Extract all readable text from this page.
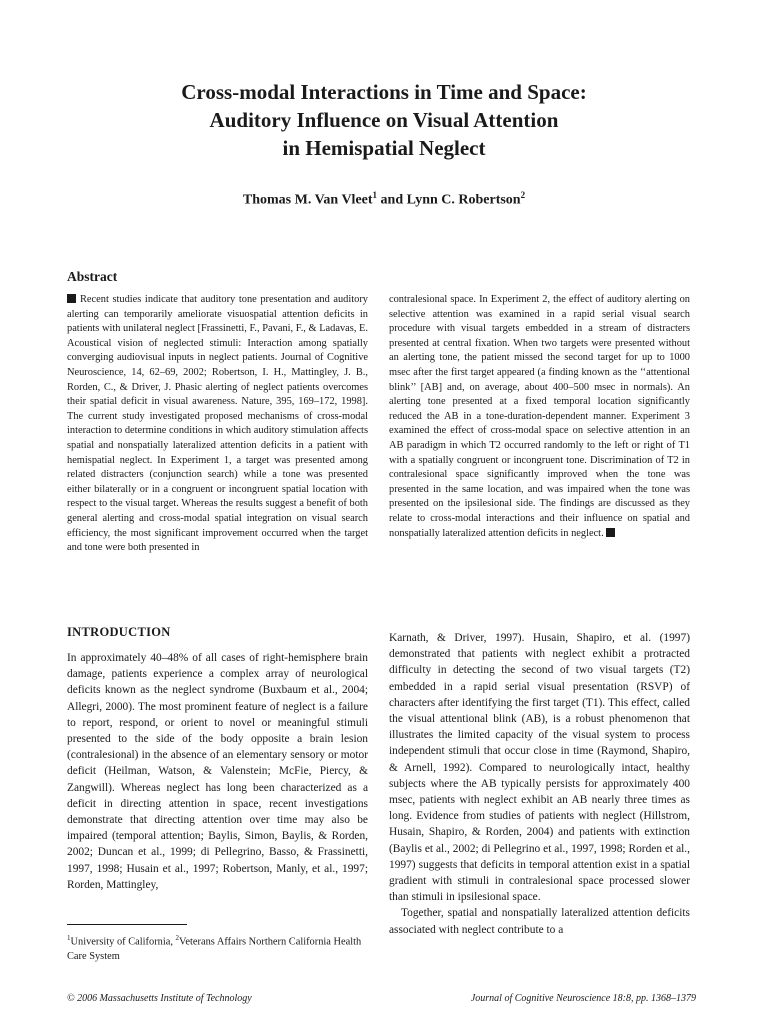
Cross-modal Interactions in Time and Space:
Auditory Influence on Visual Attention
in Hemispatial Neglect

Thomas M. Van Vleet$^1$ and Lynn C. Robertson$^2$

Abstract

Recent studies indicate that auditory tone presentation and auditory alerting can temporarily ameliorate visuospatial attention deficits in patients with unilateral neglect [Frassinetti, F., Pavani, F., & Ladavas, E. Acoustical vision of neglected stimuli: Interaction among spatially converging audiovisual inputs in neglect patients. Journal of Cognitive Neuroscience, 14, 62–69, 2002; Robertson, I. H., Mattingley, J. B., Rorden, C., & Driver, J. Phasic alerting of neglect patients overcomes their spatial deficit in visual awareness. Nature, 395, 169–172, 1998]. The current study investigated proposed mechanisms of cross-modal interaction to determine conditions in which auditory stimulation affects spatial and nonspatially lateralized attention deficits in a patient with hemispatial neglect. In Experiment 1, a target was presented among related distracters (conjunction search) while a tone was presented either bilaterally or in a congruent or incongruent spatial location with respect to the visual target. Whereas the results suggest a benefit of both general alerting and cross-modal spatial integration on visual search efficiency, the most significant improvement occurred when the target and tone were both presented in

contralesional space. In Experiment 2, the effect of auditory alerting on selective attention was examined in a rapid serial visual search procedure with visual targets embedded in a stream of distracters presented at central fixation. When two targets were presented without an alerting tone, the patient missed the second target for up to 1000 msec after the first target appeared (a finding known as the ‘‘attentional blink’’ [AB] and, on average, about 400–500 msec in normals). An alerting tone presented at a fixed temporal location significantly reduced the AB in a tone-duration-dependent manner. Experiment 3 examined the effect of cross-modal space on selective attention in an AB paradigm in which T2 occurred randomly to the left or right of T1 with a spatially congruent or incongruent tone. Discrimination of T2 in contralesional space significantly improved when the tone was presented in the same location, and was impaired when the tone was presented on the ipsilesional side. The findings are discussed as they relate to cross-modal interactions and their influence on spatial and nonspatially lateralized attention deficits in neglect.

INTRODUCTION

In approximately 40–48% of all cases of right-hemisphere brain damage, patients experience a complex array of neurological deficits known as the neglect syndrome (Buxbaum et al., 2004; Allegri, 2000). The most prominent feature of neglect is a failure to report, respond, or orient to novel or meaningful stimuli presented to the side of the body opposite a brain lesion (contralesional) in the absence of an elementary sensory or motor deficit (Heilman, Watson, & Valenstein; McFie, Piercy, & Zangwill). Whereas neglect has long been characterized as a deficit in directing attention in space, recent investigations demonstrate that directing attention over time may also be impaired (temporal attention; Baylis, Simon, Baylis, & Rorden, 2002; Duncan et al., 1999; di Pellegrino, Basso, & Frassinetti, 1997, 1998; Husain et al., 1997; Robertson, Manly, et al., 1997; Rorden, Mattingley,

Karnath, & Driver, 1997). Husain, Shapiro, et al. (1997) demonstrated that patients with neglect exhibit a protracted difficulty in detecting the second of two visual targets (T2) embedded in a rapid serial visual presentation (RSVP) of characters after identifying the first target (T1). This effect, called the visual attentional blink (AB), is a robust phenomenon that illustrates the limited capacity of the visual system to process independent stimuli that occur close in time (Raymond, Shapiro, & Arnell, 1992). Compared to neurologically intact, healthy subjects where the AB typically persists for approximately 400 msec, patients with neglect exhibit an AB nearly three times as long. Evidence from studies of patients with neglect (Hillstrom, Husain, Shapiro, & Rorden, 2004) and patients with extinction (Baylis et al., 2002; di Pellegrino et al., 1997, 1998; Rorden et al., 1997) suggests that deficits in temporal attention exist in a spatial gradient with stimuli in contralesional space processed slower than stimuli in ipsilesional space.

Together, spatial and nonspatially lateralized attention deficits associated with neglect contribute to a

$^1$University of California, $^2$Veterans Affairs Northern California Health Care System

© 2006 Massachusetts Institute of Technology	Journal of Cognitive Neuroscience 18:8, pp. 1368–1379
